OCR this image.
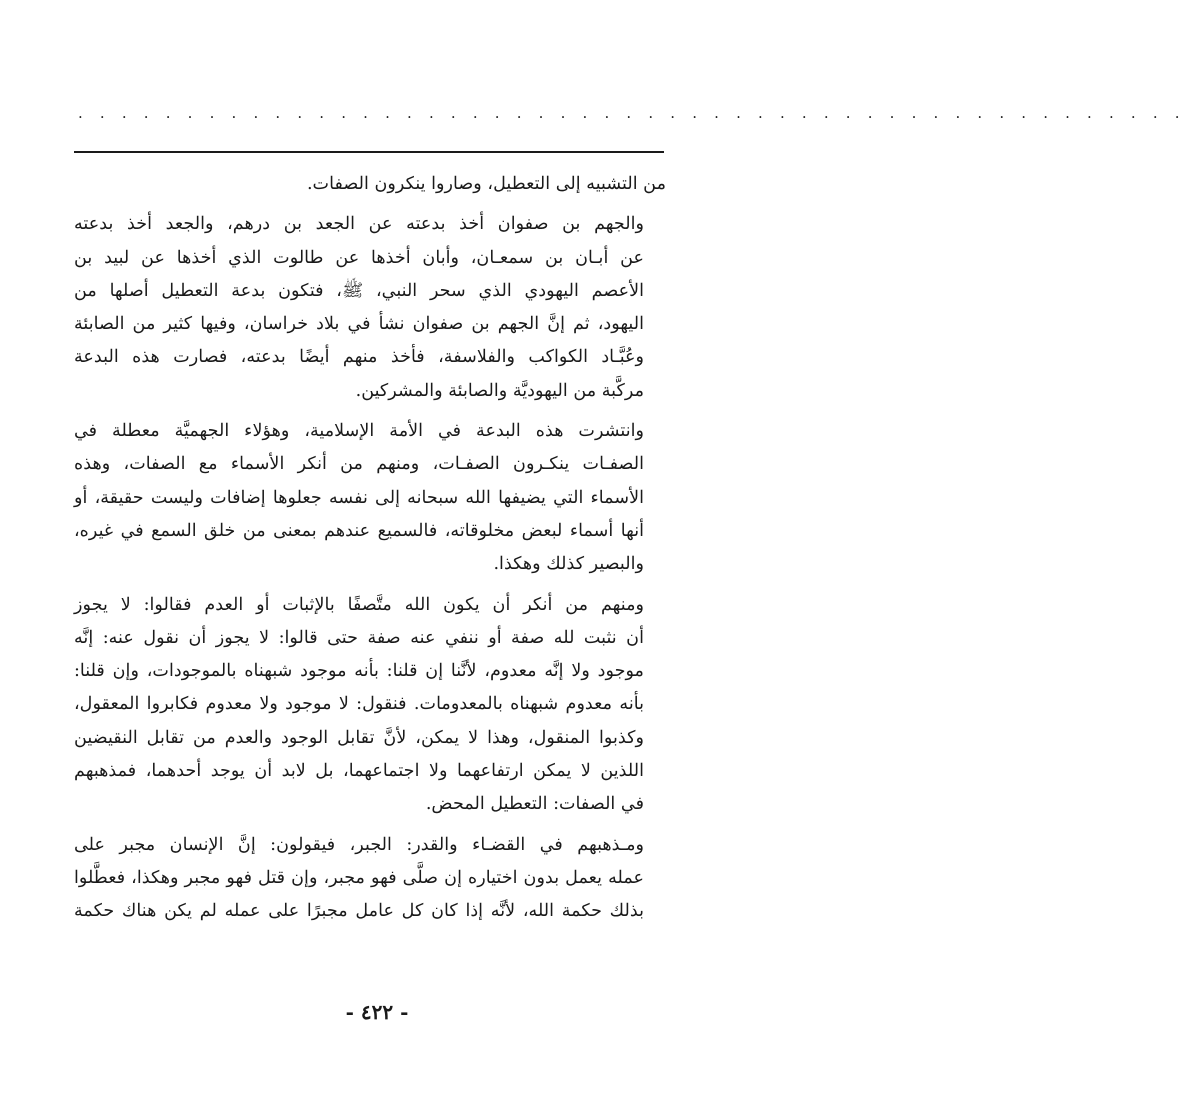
. . . . . . . . . . . . . . . . . . . . . . . . . . . . . . . . . . . . . . . . . . . . . . . . . . .

من التشبيه إلى التعطيل، وصاروا ينكرون الصفات.

والجهم بن صفوان أخذ بدعته عن الجعد بن درهم، والجعد أخذ بدعته
عن أبـان بن سمعـان، وأبان أخذها عن طالوت الذي أخذها عن لبيد بن
الأعصم اليهودي الذي سحر النبي، ﷺ، فتكون بدعة التعطيل أصلها من
اليهود، ثم إنَّ الجهم بن صفوان نشأ في بلاد خراسان، وفيها كثير من الصابئة
وعُبَّـاد الكواكب والفلاسفة، فأخذ منهم أيضًا بدعته، فصارت هذه البدعة
مركَّبة من اليهوديَّة والصابئة والمشركين.

وانتشرت هذه البدعة في الأمة الإسلامية، وهؤلاء الجهميَّة معطلة في
الصفـات ينكـرون الصفـات، ومنهم من أنكر الأسماء مع الصفات، وهذه
الأسماء التي يضيفها الله سبحانه إلى نفسه جعلوها إضافات وليست حقيقة، أو
أنها أسماء لبعض مخلوقاته، فالسميع عندهم بمعنى من خلق السمع في غيره،
والبصير كذلك وهكذا.

ومنهم من أنكر أن يكون الله متَّصفًا بالإثبات أو العدم فقالوا: لا يجوز
أن نثبت لله صفة أو ننفي عنه صفة حتى قالوا: لا يجوز أن نقول عنه: إنَّه
موجود ولا إنَّه معدوم، لأنَّنا إن قلنا: بأنه موجود شبهناه بالموجودات، وإن قلنا:
بأنه معدوم شبهناه بالمعدومات. فنقول: لا موجود ولا معدوم فكابروا المعقول،
وكذبوا المنقول، وهذا لا يمكن، لأنَّ تقابل الوجود والعدم من تقابل النقيضين
اللذين لا يمكن ارتفاعهما ولا اجتماعهما، بل لابد أن يوجد أحدهما، فمذهبهم
في الصفات: التعطيل المحض.

ومـذهبهم في القضـاء والقدر: الجبر، فيقولون: إنَّ الإنسان مجبر على
عمله يعمل بدون اختياره إن صلَّى فهو مجبر، وإن قتل فهو مجبر وهكذا، فعطَّلوا
بذلك حكمة الله، لأنَّه إذا كان كل عامل مجبرًا على عمله لم يكن هناك حكمة

- ٤٢٢ -
